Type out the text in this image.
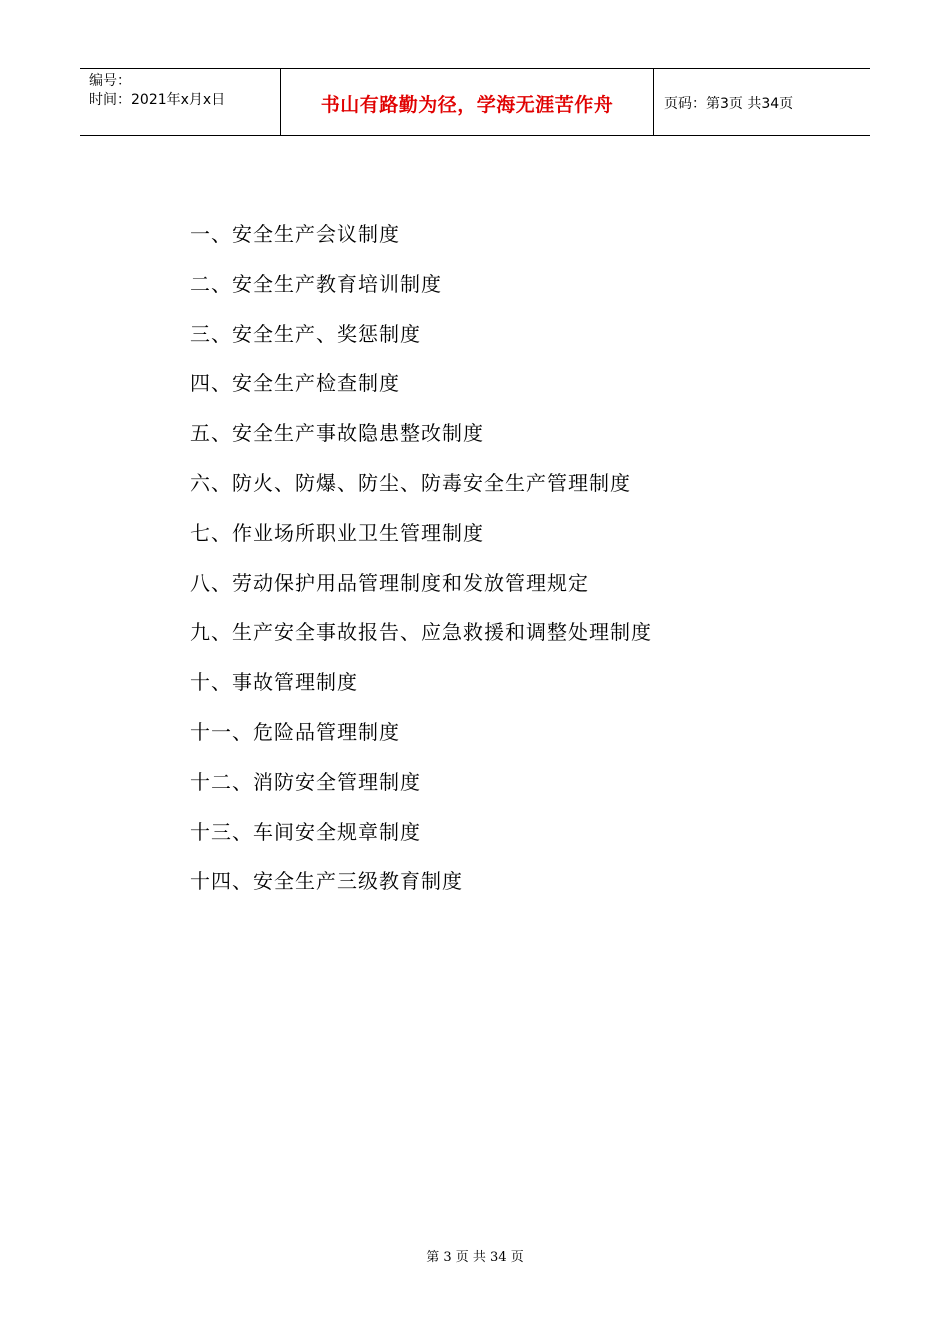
编号：
时间：2021年x月x日	书山有路勤为径，学海无涯苦作舟	页码：第3页 共34页
一、安全生产会议制度
二、安全生产教育培训制度
三、安全生产、奖惩制度
四、安全生产检查制度
五、安全生产事故隐患整改制度
六、防火、防爆、防尘、防毒安全生产管理制度
七、作业场所职业卫生管理制度
八、劳动保护用品管理制度和发放管理规定
九、生产安全事故报告、应急救援和调整处理制度
十、事故管理制度
十一、危险品管理制度
十二、消防安全管理制度
十三、车间安全规章制度
十四、安全生产三级教育制度
第 3 页 共 34 页
